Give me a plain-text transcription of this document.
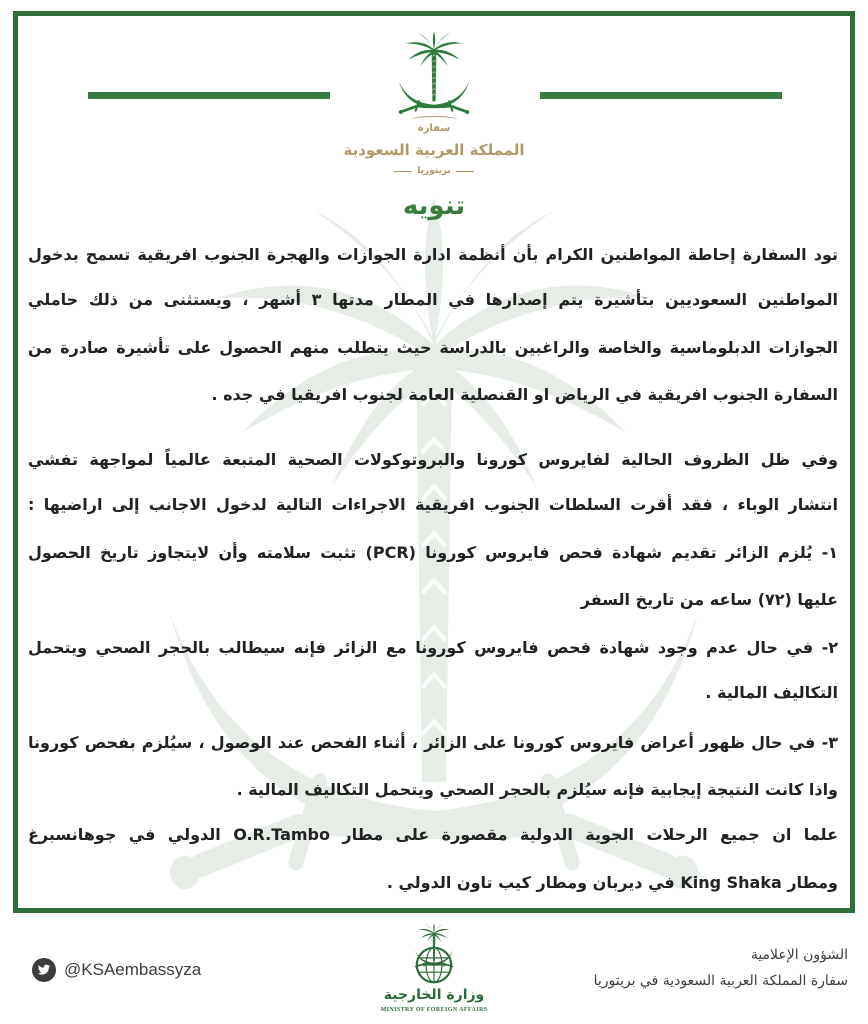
سفارة
المملكة العربية السعودية
بريتوريا
تنويه
تود السفارة إحاطة المواطنين الكرام بأن أنظمة ادارة الجوازات والهجرة الجنوب افريقية تسمح بدخول
المواطنين السعوديين بتأشيرة يتم إصدارها في المطار مدتها ٣ أشهر ، ويستثنى من ذلك حاملي
الجوازات الدبلوماسية والخاصة والراغبين بالدراسة حيث يتطلب منهم الحصول على تأشيرة صادرة من
السفارة الجنوب افريقية في الرياض او القنصلية العامة لجنوب افريقيا في جده .
وفي ظل الظروف الحالية لفايروس كورونا والبروتوكولات الصحية المتبعة عالمياً لمواجهة تفشي
انتشار الوباء ، فقد أقرت السلطات الجنوب افريقية الاجراءات التالية لدخول الاجانب إلى اراضيها :
١- يُلزم الزائر تقديم شهادة فحص فايروس كورونا (PCR) تثبت سلامته وأن لايتجاوز تاريخ الحصول
عليها (٧٢) ساعه من تاريخ السفر
٢- في حال عدم وجود شهادة فحص فايروس كورونا مع الزائر فإنه سيطالب بالحجر الصحي ويتحمل
التكاليف المالية .
٣- في حال ظهور أعراض فايروس كورونا على الزائر ، أثناء الفحص عند الوصول ، سيُلزم بفحص كورونا
واذا كانت النتيجة إيجابية فإنه سيُلزم بالحجر الصحي ويتحمل التكاليف المالية .
علما ان جميع الرحلات الجوية الدولية مقصورة على مطار O.R.Tambo الدولي في جوهانسبرغ
ومطار King Shaka في ديربان ومطار كيب تاون الدولي .
@KSAembassyza
وزارة الخارجية
MINISTRY OF FOREIGN AFFAIRS
الشؤون الإعلامية
سفارة المملكة العربية السعودية في بريتوريا
